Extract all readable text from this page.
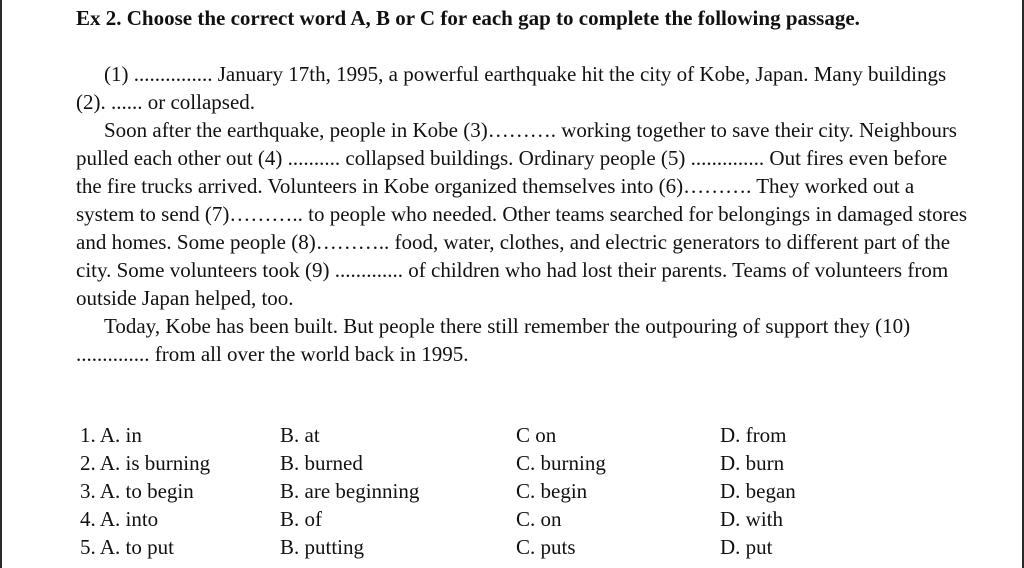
Ex 2. Choose the correct word A, B or C for each gap to complete the following passage.

(1) ............... January 17th, 1995, a powerful earthquake hit the city of Kobe, Japan. Many buildings (2). ...... or collapsed.

Soon after the earthquake, people in Kobe (3)………. working together to save their city. Neighbours pulled each other out (4) .......... collapsed buildings. Ordinary people (5) .............. Out fires even before the fire trucks arrived. Volunteers in Kobe organized themselves into (6)………. They worked out a system to send (7)……….. to people who needed. Other teams searched for belongings in damaged stores and homes. Some people (8)……….. food, water, clothes, and electric generators to different part of the city. Some volunteers took (9) ............. of children who had lost their parents. Teams of volunteers from outside Japan helped, too.

Today, Kobe has been built. But people there still remember the outpouring of support they (10) .............. from all over the world back in 1995.

1. A. in	B. at	C on	D. from
2. A. is burning	B. burned	C. burning	D. burn
3. A. to begin	B. are beginning	C. begin	D. began
4. A. into	B. of	C. on	D. with
5. A. to put	B. putting	C. puts	D. put
